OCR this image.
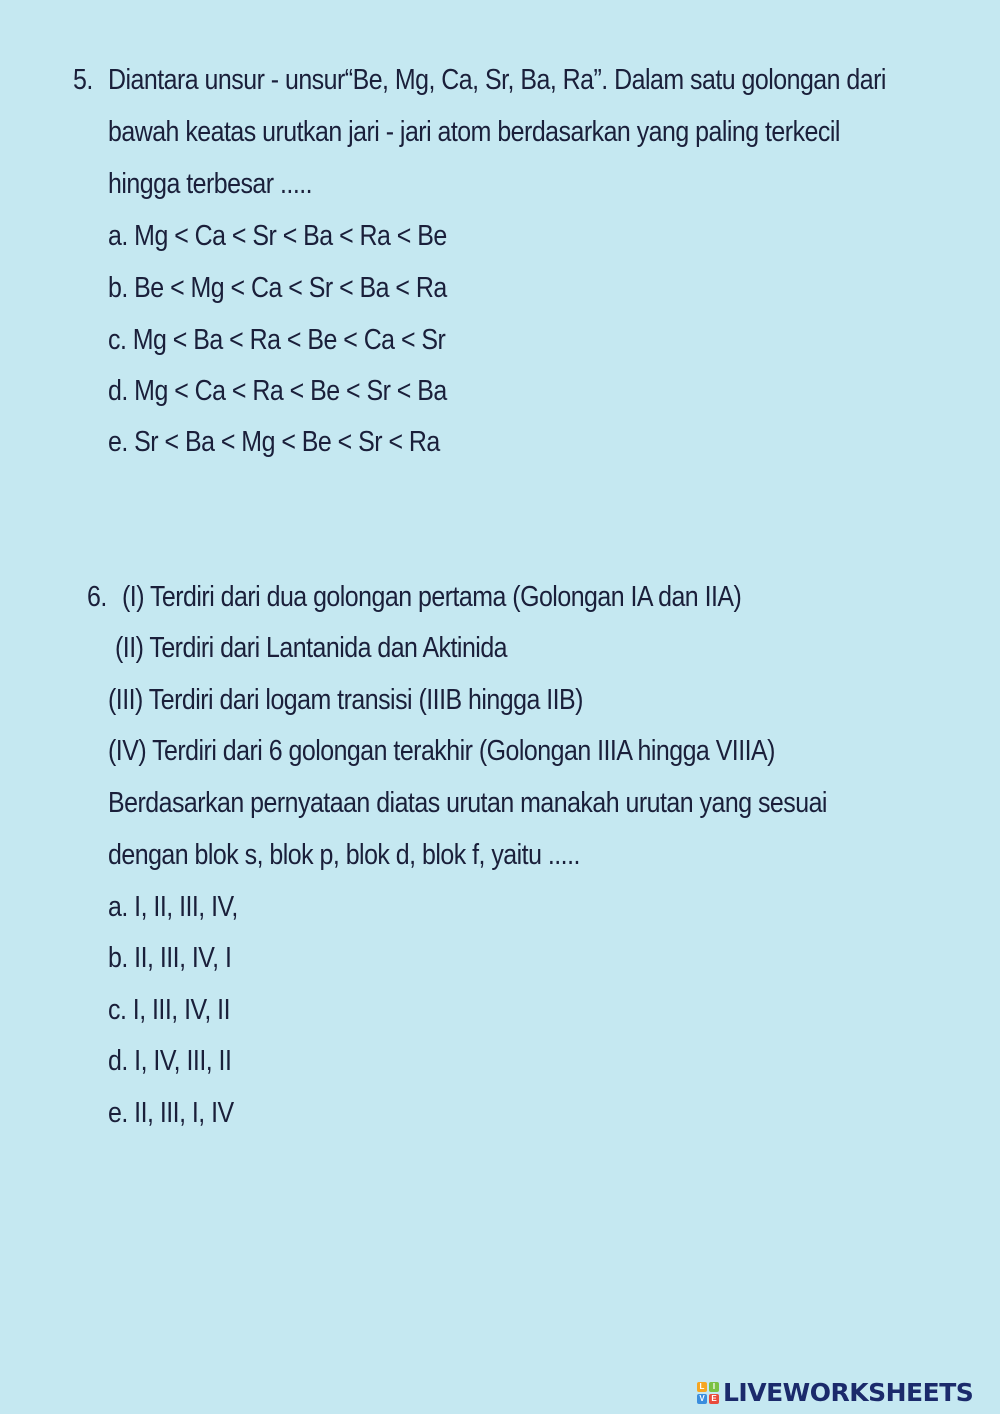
5. Diantara unsur - unsur“Be, Mg, Ca, Sr, Ba, Ra”. Dalam satu golongan dari
bawah keatas urutkan jari - jari atom berdasarkan yang paling terkecil
hingga terbesar .....
a. Mg < Ca < Sr < Ba < Ra < Be
b. Be < Mg < Ca < Sr < Ba < Ra
c. Mg < Ba < Ra < Be < Ca < Sr
d. Mg < Ca < Ra < Be < Sr < Ba
e. Sr < Ba < Mg < Be < Sr < Ra
6. (I) Terdiri dari dua golongan pertama (Golongan IA dan IIA)
(II) Terdiri dari Lantanida dan Aktinida
(III) Terdiri dari logam transisi (IIIB hingga IIB)
(IV) Terdiri dari 6 golongan terakhir (Golongan IIIA hingga VIIIA)
Berdasarkan pernyataan diatas urutan manakah urutan yang sesuai
dengan blok s, blok p, blok d, blok f, yaitu .....
a. I, II, III, IV,
b. II, III, IV, I
c. I, III, IV, II
d. I, IV, III, II
e. II, III, I, IV
L	I
V E LIVEWORKSHEETS
